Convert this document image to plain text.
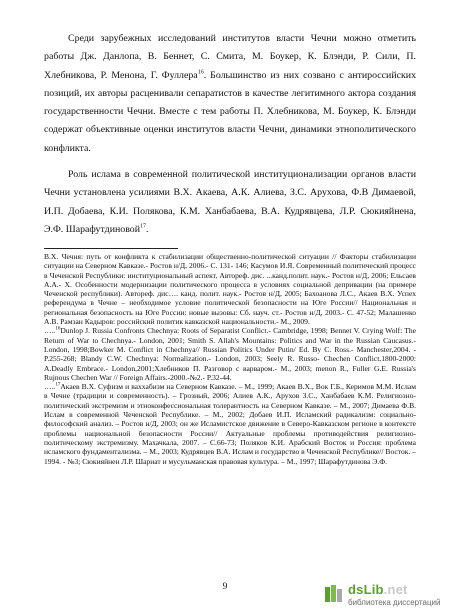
Среди зарубежных исследований институтов власти Чечни можно отметить работы Дж. Данлопа, В. Беннет, С. Смита, М. Боукер, К. Блэнди, Р. Сили, П. Хлебникова, Р. Менона, Г. Фуллера$^{16}$. Большинство из них созвано с антироссийских позиций, их авторы расценивали сепаратистов в качестве легитимного актора создания государственности Чечни. Вместе с тем работы П. Хлебникова, М. Боукер, К. Блэнди содержат объективные оценки институтов власти Чечни, динамики этнополитического конфликта.

Роль ислама в современной политической институционализации органов власти Чечни установлена усилиями В.Х. Акаева, А.К. Алиева, З.С. Арухова, Ф.В Димаевой, И.П. Добаева, К.И. Полякова, К.М. Ханбабаева, В.А. Кудрявцева, Л.Р. Сюкияйнена, Э.Ф. Шарафутдиновой$^{17}$.

В.Х. Чечня: путь от конфликта к стабилизации общественно-политической ситуации // Факторы стабилизации ситуации на Северном Кавказе.- Ростов н/Д, 2006.- С. 131- 146; Касумов И.Я. Современный политический процесс в Чеченской Республики: институциональный аспект, Автореф. дис. ...канд.полит. наук.- Ростов н/Д, 2006; Ельсаев А.А.- Х. Особенности модернизации политического процесса в условиях социальной депривации (на примере Чеченской республики). Автореф. дис…. канд. полит. наук.- Ростов н/Д, 2005; Бахоанова Л.С., Акаев В.Х. Успех референдума в Чечне – необходимое условие политической безопасности на Юге России// Национальная и региональная безопасность на Юге России: новые вызовы: Сб. науч. ст.- Ростов н/Д, 2003.- С. 47-52; Малашенко А.В. Рамзан Кадыров: российский политик кавказской национальности.- М., 2009.

…..$^{16}$Dunlop J. Russia Confronts Chechnya: Roots of Separatist Conflict.- Cambridge, 1998; Bennet V. Crying Wolf: The Return of War to Chechnya.- London, 2001; Smith S. Allah's Mountains: Politics and War in the Russian Caucasus.- London, 1998;Bowker M. Conflict in Chechnya// Russian Politics Under Putin/ Ed. By C. Ross.- Manchester,2004. - P.255-268; Blandy C.W. Chechnya: Normalization.- London, 2003; Seely R. Russo- Chechen Conflict,1800-2000: A.Deadly Embrace.- London,2001;Хлебников П. Разговор с варваром.- М., 2003; menon R., Fuller G.E. Russia's Rujnous Chechen War // Foreign Affairs.-2000.-№2.- P.32-44.

…..$^{17}$Акаев В.Х. Суфизм и ваххабизм на Северном Кавказе. – М., 1999; Акаев В.Х., Вок Г.Б., Керимов М.М. Ислам в Чечне (традиции и современность). – Грозный, 2006; Алиев А.К., Арухов З.С., Ханбабаев К.М. Религиозно-политический экстремизм и этноконфессиональная толерантность на Северном Кавказе. – М., 2007; Димаева Ф.В. Ислам в современной Чеченской Республике. – М., 2002; Добаев И.П. Исламский радикализм: социально-философский анализ. – Ростов н/Д, 2003; он же Исламистское движение в Северо-Кавказском регионе в контексте проблемы национальной безопасности России// Актуальные проблемы противодействия религиозно-политическому экстремизму. Махачкала, 2007. – С.66-73; Поляков К.И. Арабский Восток и Россия: проблема исламского фундаментализма. – М., 2003; Кудрявцев В.А. Ислам и государство в Чеченской Республике// Восток. – 1994. - №3; Сюкияйнен Л.Р. Шариат и мусульманская правовая культура. – М., 1997; Шарафутдинова Э.Ф.

9	dsLib.net
библиотека диссертаций
